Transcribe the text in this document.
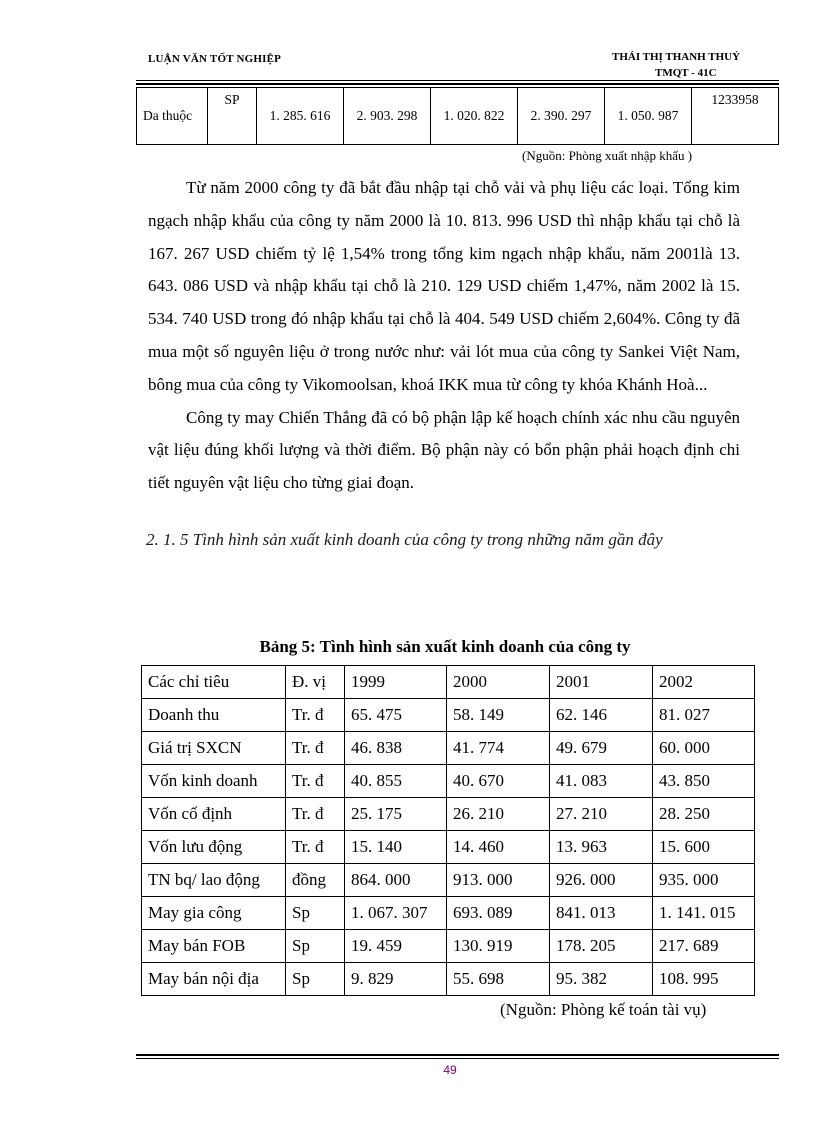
LUẬN VĂN TỐT NGHIỆP	THÁI THỊ THANH THUỶ
TMQT - 41C
Da thuộc	SP	1. 285. 616	2. 903. 298	1. 020. 822	2. 390. 297	1. 050. 987	1233958
(Nguồn: Phòng xuất nhập khẩu )

Từ năm 2000 công ty đã bắt đầu nhập tại chỗ vải và phụ liệu các loại. Tổng kim ngạch nhập khẩu của công ty năm 2000 là 10. 813. 996 USD thì nhập khẩu tại chỗ là 167. 267 USD chiếm tỷ lệ 1,54% trong tổng kim ngạch nhập khẩu, năm 2001là 13. 643. 086 USD và nhập khẩu tại chỗ là 210. 129 USD chiếm 1,47%, năm 2002 là 15. 534. 740 USD trong đó nhập khẩu tại chỗ là 404. 549 USD chiếm 2,604%. Công ty đã mua một số nguyên liệu ở trong nước như: vải lót mua của công ty Sankei Việt Nam, bông mua của công ty Vikomoolsan, khoá IKK mua từ công ty khóa Khánh Hoà...

Công ty may Chiến Thắng đã có bộ phận lập kế hoạch chính xác nhu cầu nguyên vật liệu đúng khối lượng và thời điểm. Bộ phận này có bổn phận phải hoạch định chi tiết nguyên vật liệu cho từng giai đoạn.

2. 1. 5 Tình hình sản xuất kinh doanh của công ty trong những năm gần đây
Bảng 5: Tình hình sản xuất kinh doanh của công ty
Các chỉ tiêu	Đ. vị	1999	2000	2001	2002
Doanh thu	Tr. đ	65. 475	58. 149	62. 146	81. 027
Giá trị SXCN	Tr. đ	46. 838	41. 774	49. 679	60. 000
Vốn kinh doanh	Tr. đ	40. 855	40. 670	41. 083	43. 850
Vốn cố định	Tr. đ	25. 175	26. 210	27. 210	28. 250
Vốn lưu động	Tr. đ	15. 140	14. 460	13. 963	15. 600
TN bq/ lao động	đồng	864. 000	913. 000	926. 000	935. 000
May gia công	Sp	1. 067. 307	693. 089	841. 013	1. 141. 015
May bán FOB	Sp	19. 459	130. 919	178. 205	217. 689
May bán nội địa	Sp	9. 829	55. 698	95. 382	108. 995
(Nguồn: Phòng kế toán tài vụ)
49
